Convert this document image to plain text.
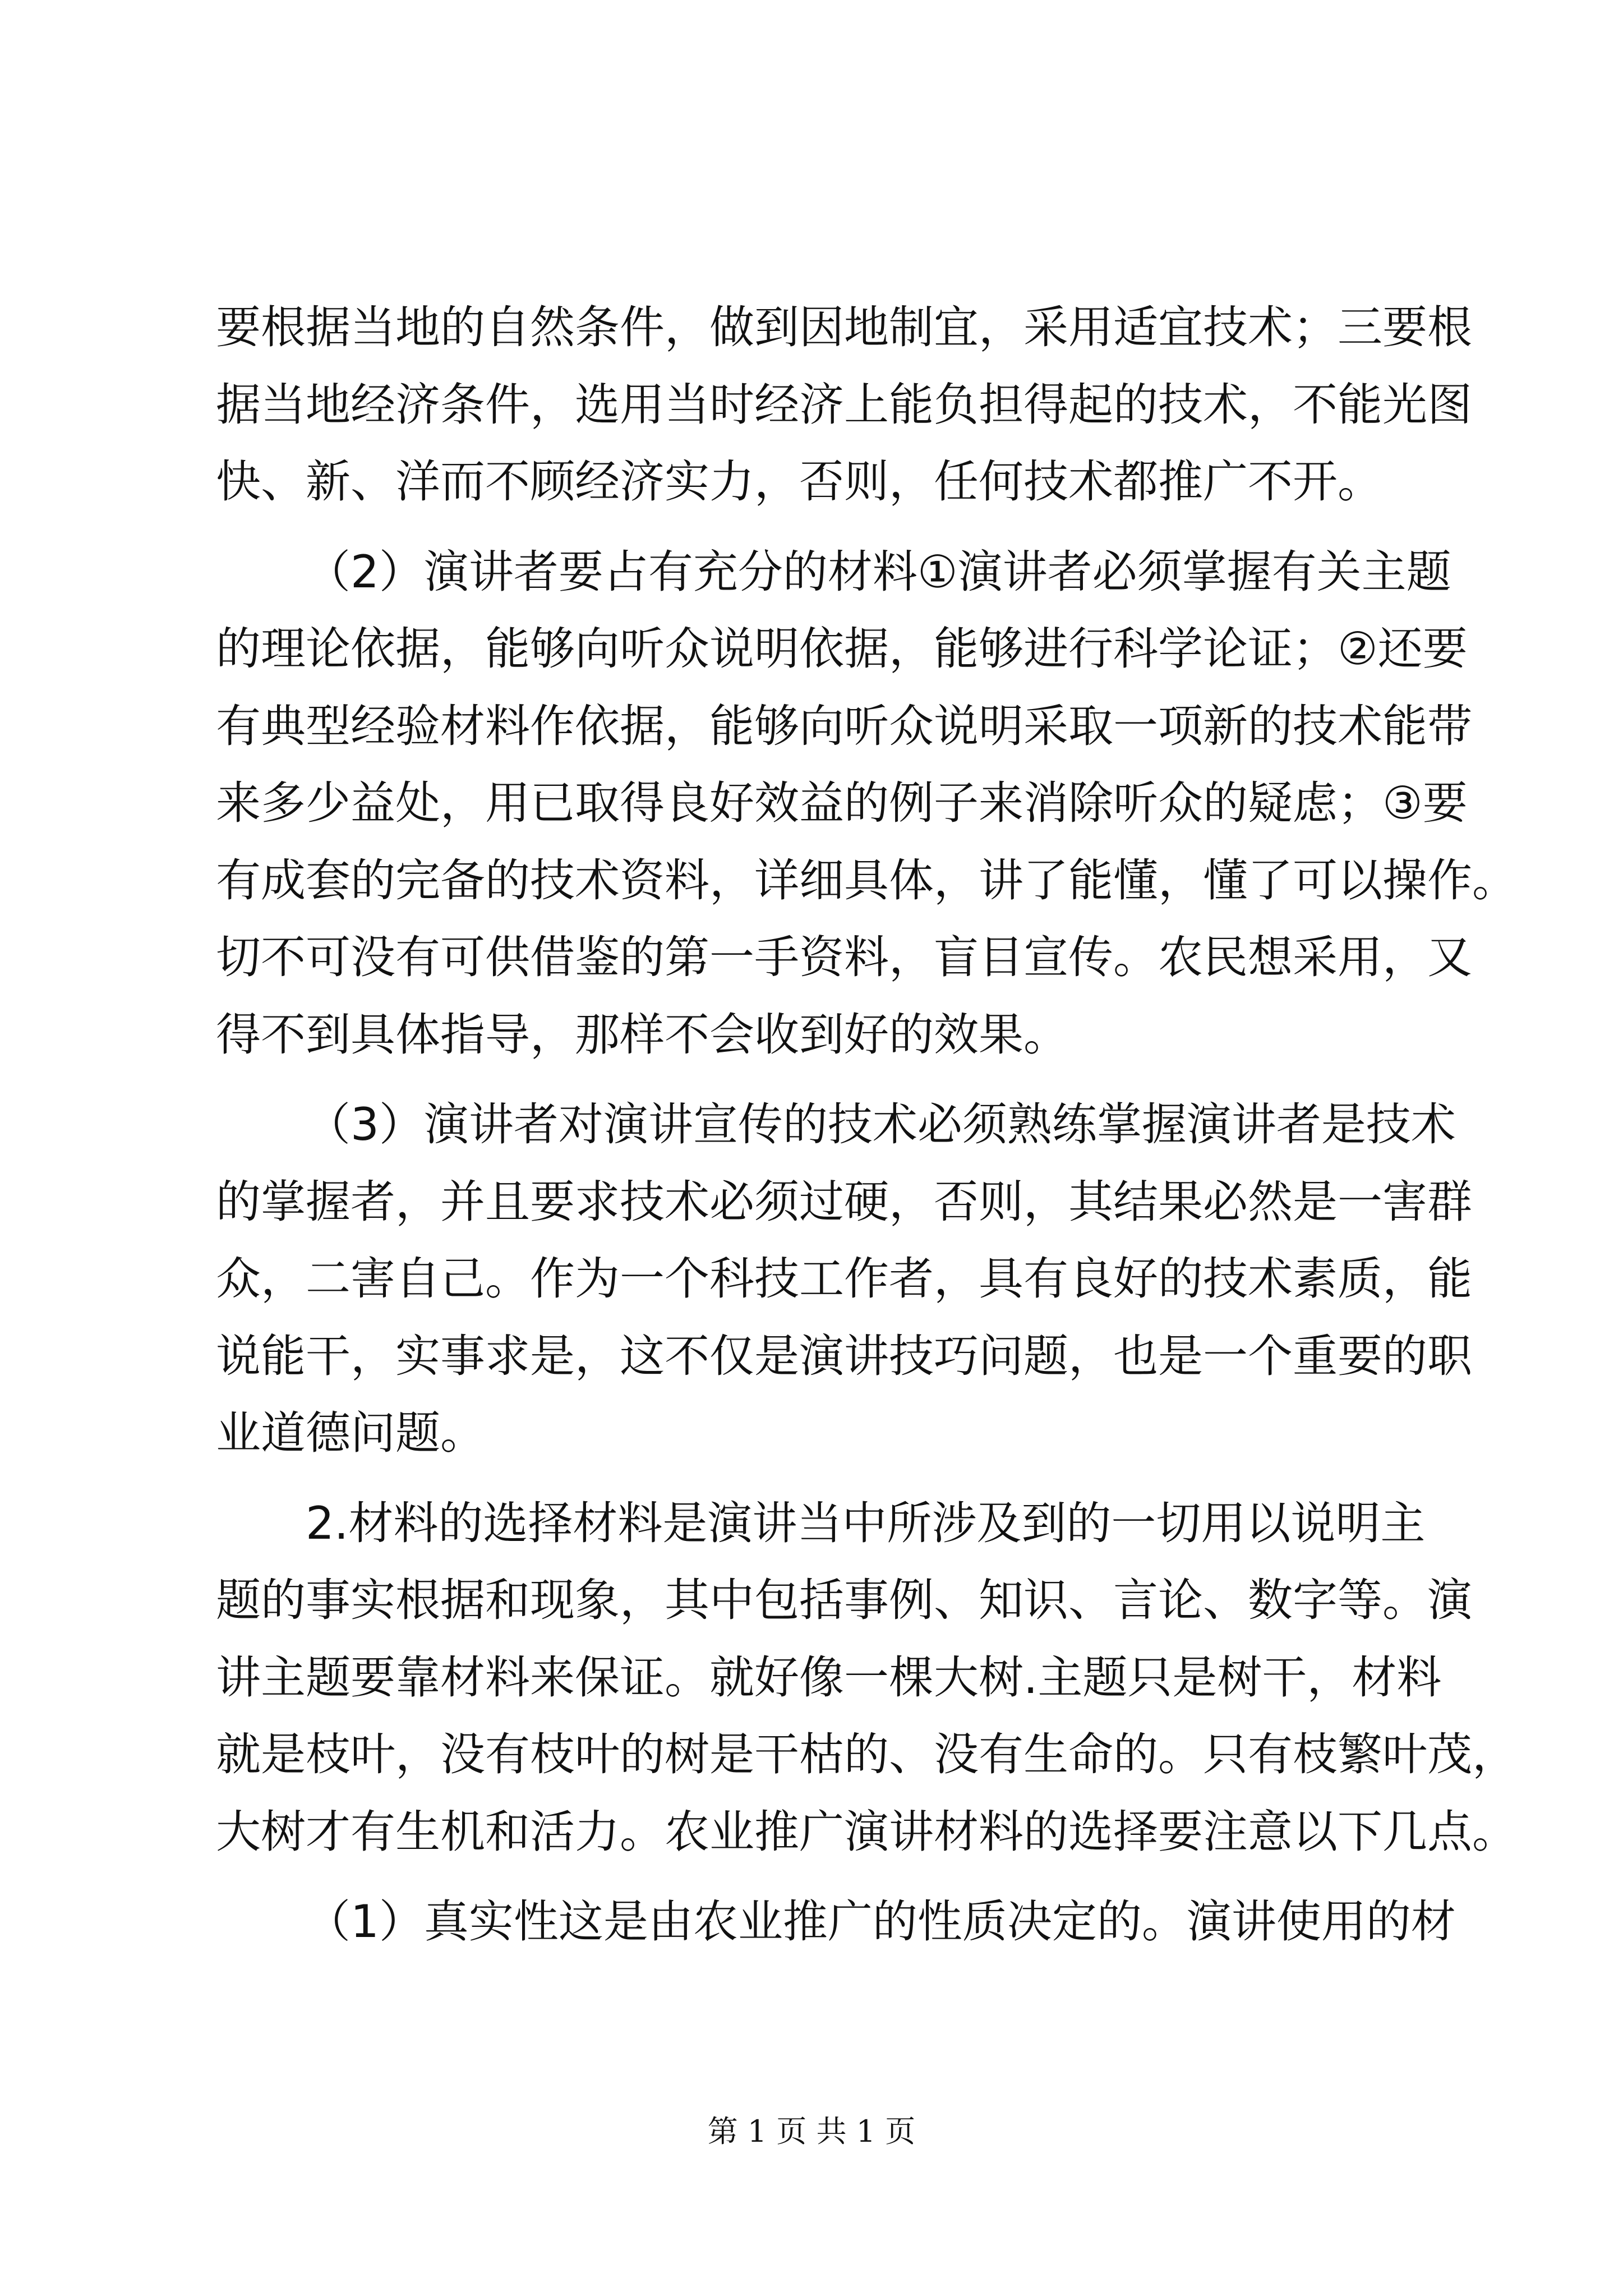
要根据当地的自然条件，做到因地制宜，采用适宜技术；三要根
据当地经济条件，选用当时经济上能负担得起的技术，不能光图
快、新、洋而不顾经济实力，否则，任何技术都推广不开。
（2）演讲者要占有充分的材料①演讲者必须掌握有关主题
的理论依据，能够向听众说明依据，能够进行科学论证；②还要
有典型经验材料作依据，能够向听众说明采取一项新的技术能带
来多少益处，用已取得良好效益的例子来消除听众的疑虑；③要
有成套的完备的技术资料，详细具体，讲了能懂，懂了可以操作。
切不可没有可供借鉴的第一手资料，盲目宣传。农民想采用，又
得不到具体指导，那样不会收到好的效果。
（3）演讲者对演讲宣传的技术必须熟练掌握演讲者是技术
的掌握者，并且要求技术必须过硬，否则，其结果必然是一害群
众，二害自己。作为一个科技工作者，具有良好的技术素质，能
说能干，实事求是，这不仅是演讲技巧问题，也是一个重要的职
业道德问题。
2.材料的选择材料是演讲当中所涉及到的一切用以说明主
题的事实根据和现象，其中包括事例、知识、言论、数字等。演
讲主题要靠材料来保证。就好像一棵大树.主题只是树干，材料
就是枝叶，没有枝叶的树是干枯的、没有生命的。只有枝繁叶茂，
大树才有生机和活力。农业推广演讲材料的选择要注意以下几点。
（1）真实性这是由农业推广的性质决定的。演讲使用的材
第 1 页 共 1 页
